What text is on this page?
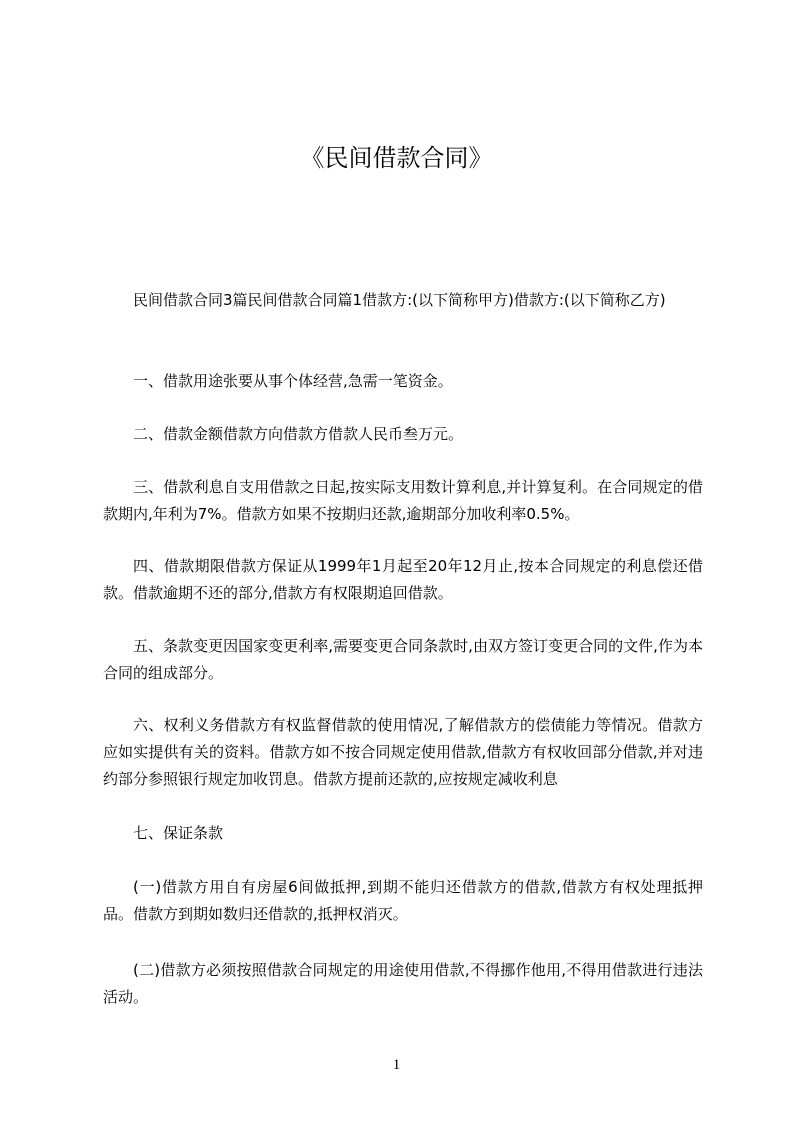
《民间借款合同》

民间借款合同3篇民间借款合同篇1借款方:(以下简称甲方)借款方:(以下简称乙方)

一、借款用途张要从事个体经营,急需一笔资金。

二、借款金额借款方向借款方借款人民币叁万元。

三、借款利息自支用借款之日起,按实际支用数计算利息,并计算复利。在合同规定的借款期内,年利为7%。借款方如果不按期归还款,逾期部分加收利率0.5%。

四、借款期限借款方保证从1999年1月起至20年12月止,按本合同规定的利息偿还借款。借款逾期不还的部分,借款方有权限期追回借款。

五、条款变更因国家变更利率,需要变更合同条款时,由双方签订变更合同的文件,作为本合同的组成部分。

六、权利义务借款方有权监督借款的使用情况,了解借款方的偿债能力等情况。借款方应如实提供有关的资料。借款方如不按合同规定使用借款,借款方有权收回部分借款,并对违约部分参照银行规定加收罚息。借款方提前还款的,应按规定减收利息

七、保证条款

(一)借款方用自有房屋6间做抵押,到期不能归还借款方的借款,借款方有权处理抵押品。借款方到期如数归还借款的,抵押权消灭。

(二)借款方必须按照借款合同规定的用途使用借款,不得挪作他用,不得用借款进行违法活动。

1
